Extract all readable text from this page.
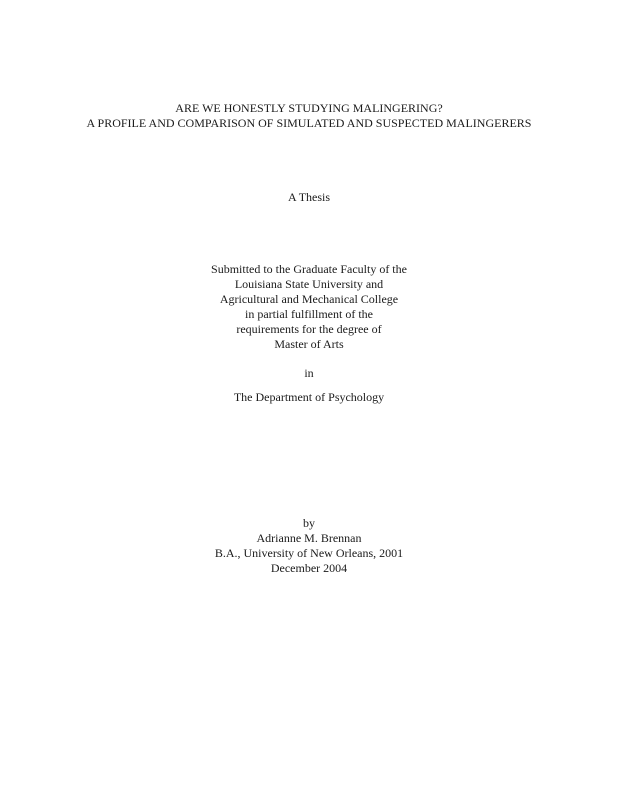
ARE WE HONESTLY STUDYING MALINGERING?
A PROFILE AND COMPARISON OF SIMULATED AND SUSPECTED MALINGERERS
A Thesis
Submitted to the Graduate Faculty of the
Louisiana State University and
Agricultural and Mechanical College
in partial fulfillment of the
requirements for the degree of
Master of Arts
in
The Department of Psychology
by
Adrianne M. Brennan
B.A., University of New Orleans, 2001
December 2004
